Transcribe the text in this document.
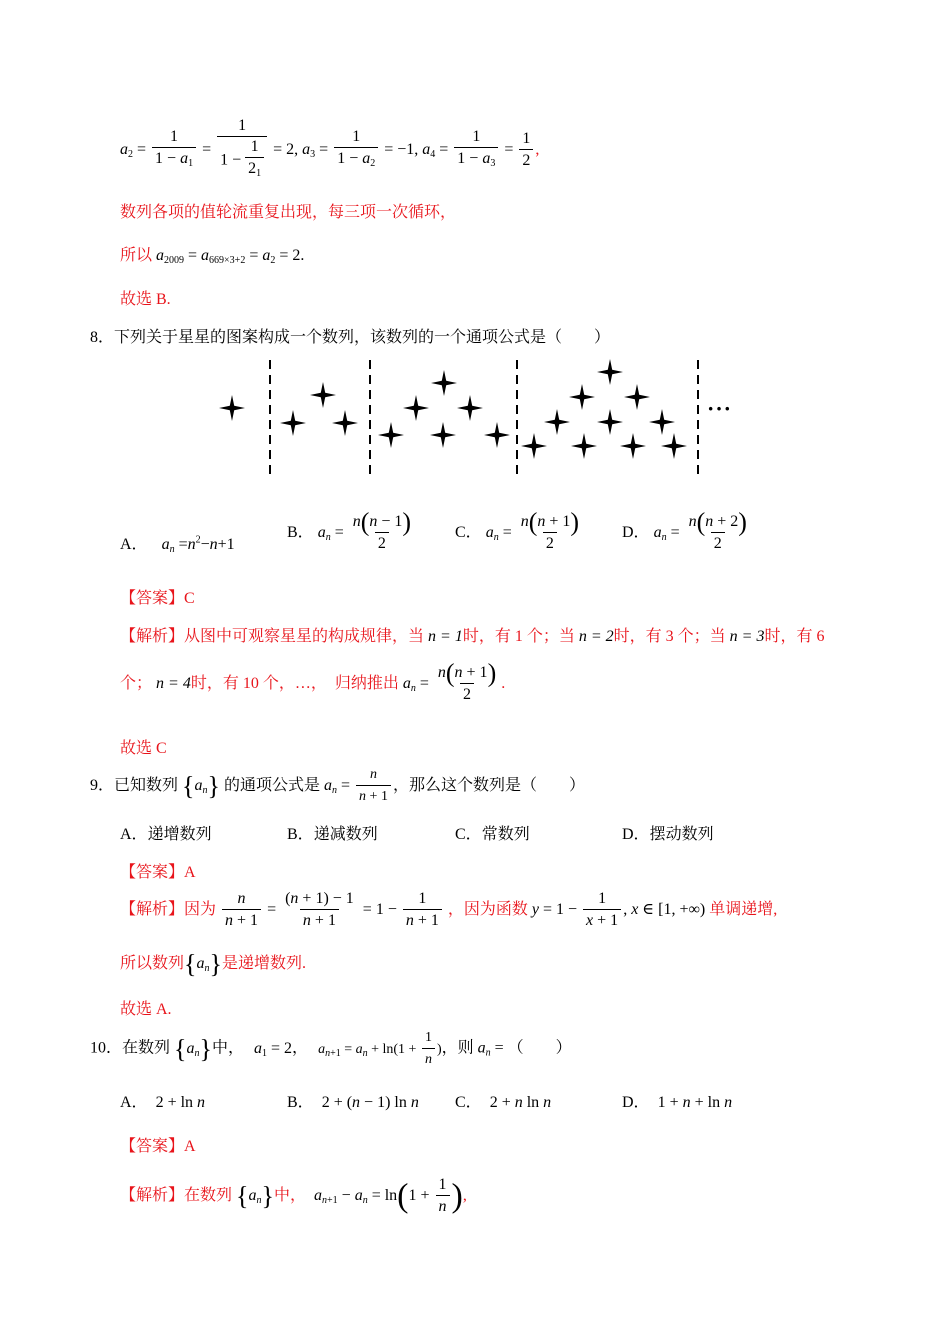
$a_2 = \frac{1}{1 - a_1} = \frac{1}{1 - \frac{1}{2_1}} = 2$, $a_3 = \frac{1}{1 - a_2} = -1$, $a_4 = \frac{1}{1 - a_3} = \frac{1}{2}$ ,
数列各项的值轮流重复出现，每三项一次循环，
所以 $a_{2009} = a_{669\times 3+2} = a_2 = 2$.
故选 B.
8．下列关于星星的图案构成一个数列，该数列的一个通项公式是（　　）
···
A． $a_n =n^2-n+1$
B． $a_n = \frac{n(n - 1)}{2}$	C． $a_n = \frac{n(n + 1)}{2}$ D． $a_n = \frac{n(n + 2)}{2}$
【答案】C
【解析】从图中可观察星星的构成规律，当 n = 1时，有 1 个；当 n = 2时，有 3 个；当 n = 3时，有 6
个； n = 4时，有 10 个，…，　归纳推出 $a_n = \frac{n(n + 1)}{2}$ .
故选 C
9．已知数列 $\{a_n\}$ 的通项公式是 $a_n = \frac{n}{n + 1}$ ，那么这个数列是（　　）
A．递增数列	B．递减数列	C．常数列	D．摆动数列
【答案】A
【解析】因为 $\frac{n}{n + 1} = \frac{(n + 1) - 1}{n + 1} = 1 - \frac{1}{n + 1}$ ，因为函数 $y = 1 - \frac{1}{x + 1}$ , x ∈ [1, +∞) 单调递增,
所以数列$\{a_n\}$是递增数列.
故选 A.
10．在数列 $\{a_n\}$中， $a_1 = 2$， $a_{n+1} = a_n + \ln(1 + \frac{1}{n}$ )，则 $a_n$ = （　　）
A． 2 + ln n	B． 2 + (n − 1) ln n C． 2 + n ln n	D． 1 + n + ln n
【答案】A
【解析】在数列 $\{a_n\}$中， $a_{n+1} - a_n = \ln(1 + \frac{1}{n}$ ),
